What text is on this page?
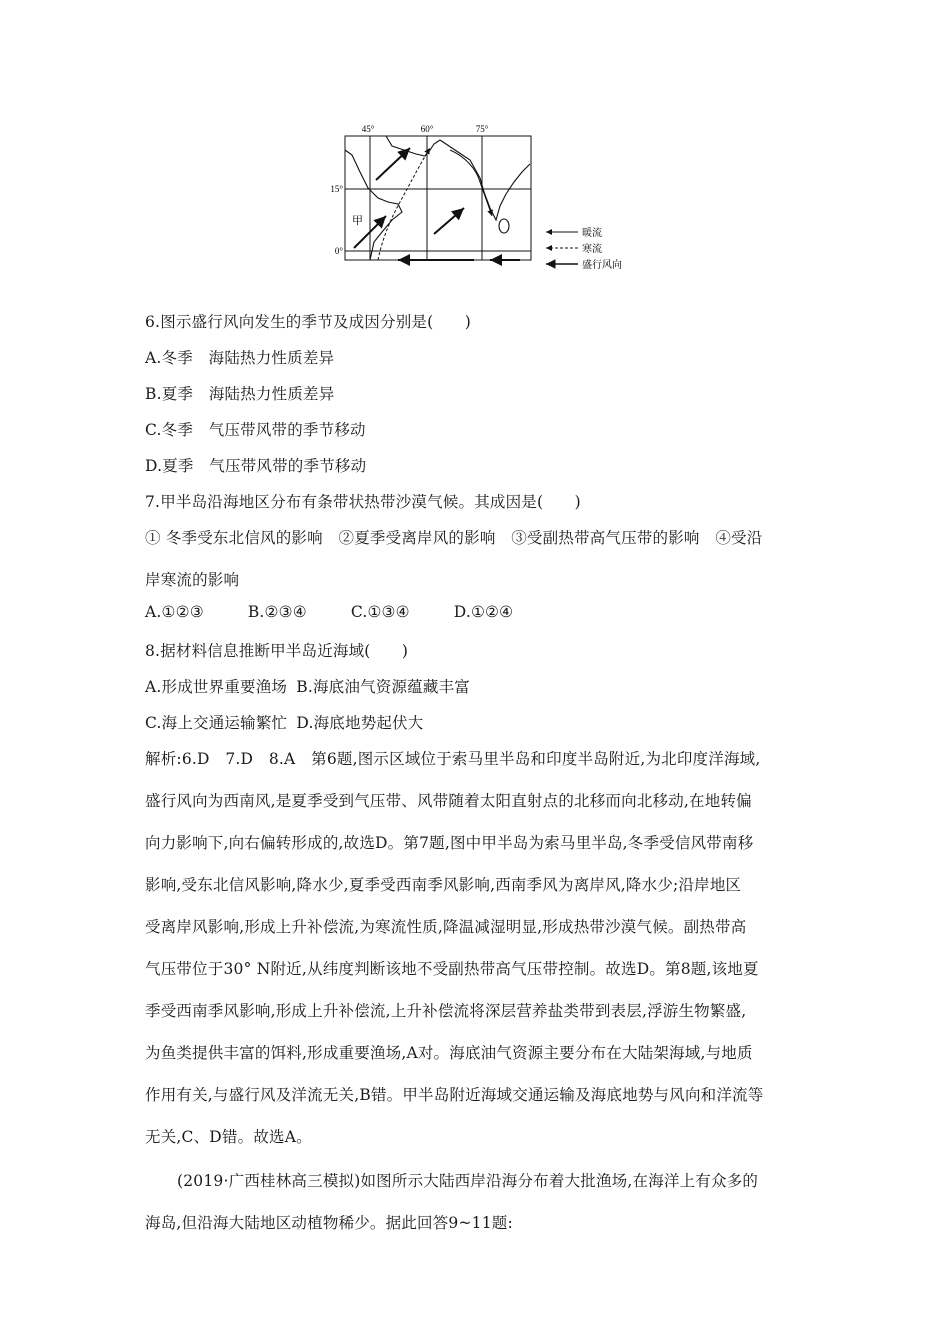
45°	60°	75°
15°
0°
甲
暖流
寒流
盛行风向
6.图示盛行风向发生的季节及成因分别是(　　)
A.冬季　海陆热力性质差异
B.夏季　海陆热力性质差异
C.冬季　气压带风带的季节移动
D.夏季　气压带风带的季节移动
7.甲半岛沿海地区分布有条带状热带沙漠气候。其成因是(　　)
① 冬季受东北信风的影响　②夏季受离岸风的影响　③受副热带高气压带的影响　④受沿
岸寒流的影响
A.①②③	B.②③④	C.①③④	D.①②④
8.据材料信息推断甲半岛近海域(　　)
A.形成世界重要渔场 B.海底油气资源蕴藏丰富
C.海上交通运输繁忙 D.海底地势起伏大
解析:6.D　7.D　8.A　第6题,图示区域位于索马里半岛和印度半岛附近,为北印度洋海域,
盛行风向为西南风,是夏季受到气压带、风带随着太阳直射点的北移而向北移动,在地转偏
向力影响下,向右偏转形成的,故选D。第7题,图中甲半岛为索马里半岛,冬季受信风带南移
影响,受东北信风影响,降水少,夏季受西南季风影响,西南季风为离岸风,降水少;沿岸地区
受离岸风影响,形成上升补偿流,为寒流性质,降温减湿明显,形成热带沙漠气候。副热带高
气压带位于30° N附近,从纬度判断该地不受副热带高气压带控制。故选D。第8题,该地夏
季受西南季风影响,形成上升补偿流,上升补偿流将深层营养盐类带到表层,浮游生物繁盛,
为鱼类提供丰富的饵料,形成重要渔场,A对。海底油气资源主要分布在大陆架海域,与地质
作用有关,与盛行风及洋流无关,B错。甲半岛附近海域交通运输及海底地势与风向和洋流等
无关,C、D错。故选A。
(2019·广西桂林高三模拟)如图所示大陆西岸沿海分布着大批渔场,在海洋上有众多的
海岛,但沿海大陆地区动植物稀少。据此回答9~11题:
